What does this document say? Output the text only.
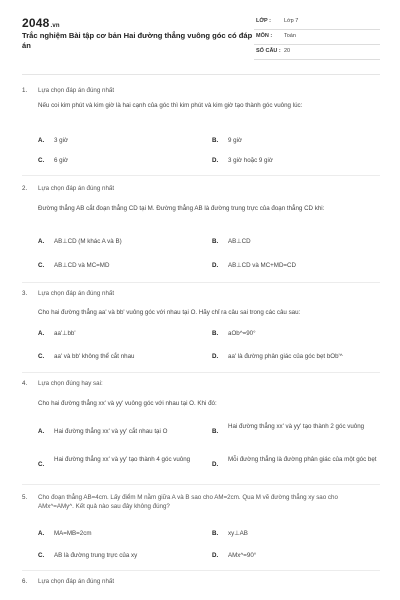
2048.vn
Trắc nghiệm Bài tập cơ bản Hai đường thẳng vuông góc có đáp án
LỚP : Lớp 7
MÔN : Toán
SỐ CÂU : 20
1. Lựa chọn đáp án đúng nhất
Nếu coi kim phút và kim giờ là hai cạnh của góc thì kim phút và kim giờ tạo thành góc vuông lúc:
A. 3 giờ	B. 9 giờ
C. 6 giờ	D. 3 giờ hoặc 9 giờ
2. Lựa chọn đáp án đúng nhất
Đường thẳng AB cắt đoạn thẳng CD tại M. Đường thẳng AB là đường trung trực của đoạn thẳng CD khi:
A. AB⊥CD (M khác A và B)	B. AB⊥CD
C. AB⊥CD và MC=MD	D. AB⊥CD và MC+MD=CD
3. Lựa chọn đáp án đúng nhất
Cho hai đường thẳng aa' và bb' vuông góc với nhau tại O. Hãy chỉ ra câu sai trong các câu sau:
A. aa'⊥bb'	B. aOb^=90°
C. aa' và bb' không thể cắt nhau	D. aa' là đường phân giác của góc bẹt bOb'^
4. Lựa chọn đúng hay sai:
Cho hai đường thẳng xx' và yy' vuông góc với nhau tại O. Khi đó:
A. Hai đường thẳng xx' và yy' cắt nhau tại O	B.
Hai đường thẳng xx' và yy' tạo thành 2 góc vuông
C.
Hai đường thẳng xx' và yy' tạo thành 4 góc vuông
D.
Mỗi đường thẳng là đường phân giác của một góc bẹt
5. Cho đoạn thẳng AB=4cm. Lấy điểm M nằm giữa A và B sao cho AM=2cm. Qua M vẽ đường thẳng xy sao cho AMx^=AMy^. Kết quả nào sau đây không đúng?
A. MA=MB=2cm	B. xy⊥AB
C. AB là đường trung trực của xy	D. AMx^=90°
6. Lựa chọn đáp án đúng nhất
